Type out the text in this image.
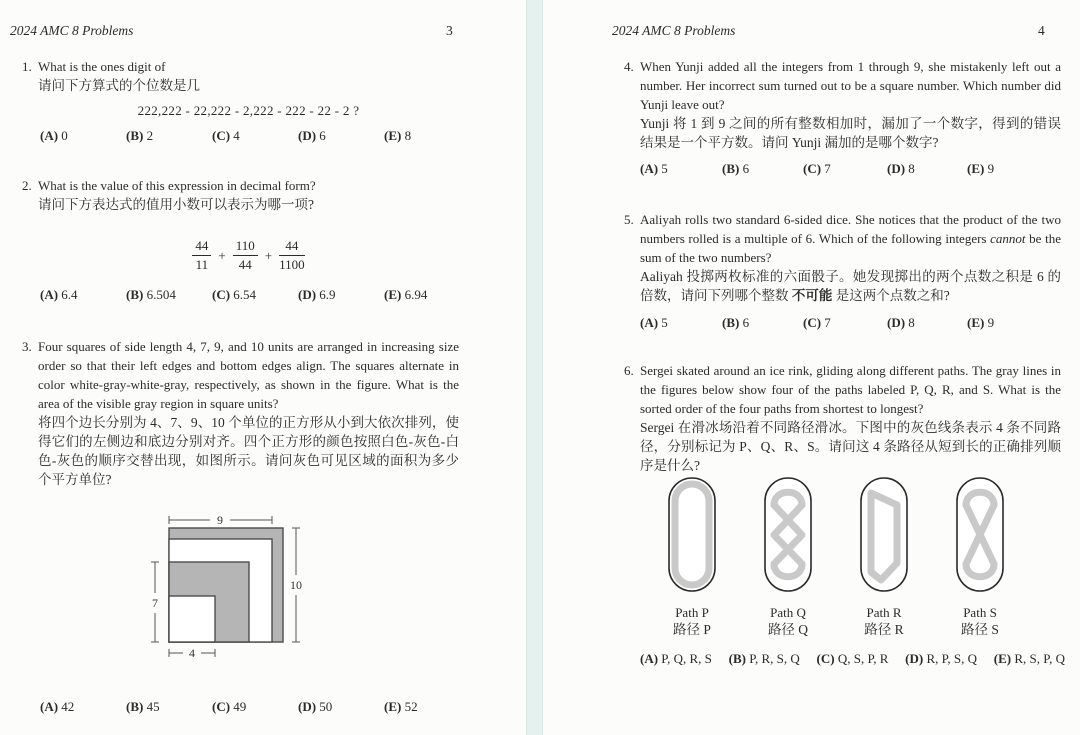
2024 AMC 8 Problems	3
1. What is the ones digit of
请问下方算式的个位数是几
222,222 - 22,222 - 2,222 - 222 - 22 - 2 ?
(A) 0	(B) 2	(C) 4	(D) 6	(E) 8
2. What is the value of this expression in decimal form?
请问下方表达式的值用小数可以表示为哪一项?
$\frac{44}{11} + \frac{110}{44} + \frac{44}{1100}$
(A) 6.4	(B) 6.504	(C) 6.54	(D) 6.9	(E) 6.94
3. Four squares of side length 4, 7, 9, and 10 units are arranged in increasing size order so that their left edges and bottom edges align. The squares alternate in color white-gray-white-gray, respectively, as shown in the figure. What is the area of the visible gray region in square units?
将四个边长分别为 4、7、9、10 个单位的正方形从小到大依次排列，使得它们的左侧边和底边分别对齐。四个正方形的颜色按照白色-灰色-白色-灰色的顺序交替出现，如图所示。请问灰色可见区域的面积为多少个平方单位?
9
10
7
4
(A) 42	(B) 45	(C) 49	(D) 50	(E) 52
2024 AMC 8 Problems	4
4. When Yunji added all the integers from 1 through 9, she mistakenly left out a number. Her incorrect sum turned out to be a square number. Which number did Yunji leave out?
Yunji 将 1 到 9 之间的所有整数相加时，漏加了一个数字，得到的错误结果是一个平方数。请问 Yunji 漏加的是哪个数字?
(A) 5	(B) 6	(C) 7	(D) 8	(E) 9
5. Aaliyah rolls two standard 6-sided dice. She notices that the product of the two numbers rolled is a multiple of 6. Which of the following integers cannot be the sum of the two numbers?
Aaliyah 投掷两枚标准的六面骰子。她发现掷出的两个点数之积是 6 的倍数，请问下列哪个整数 不可能 是这两个点数之和?
(A) 5	(B) 6	(C) 7	(D) 8	(E) 9
6. Sergei skated around an ice rink, gliding along different paths. The gray lines in the figures below show four of the paths labeled P, Q, R, and S. What is the sorted order of the four paths from shortest to longest?
Sergei 在滑冰场沿着不同路径滑冰。下图中的灰色线条表示 4 条不同路径，分别标记为 P、Q、R、S。请问这 4 条路径从短到长的正确排列顺序是什么?
Path P
路径 P
Path Q
路径 Q
Path R
路径 R
Path S
路径 S
(A) P, Q, R, S (B) P, R, S, Q (C) Q, S, P, R (D) R, P, S, Q (E) R, S, P, Q
